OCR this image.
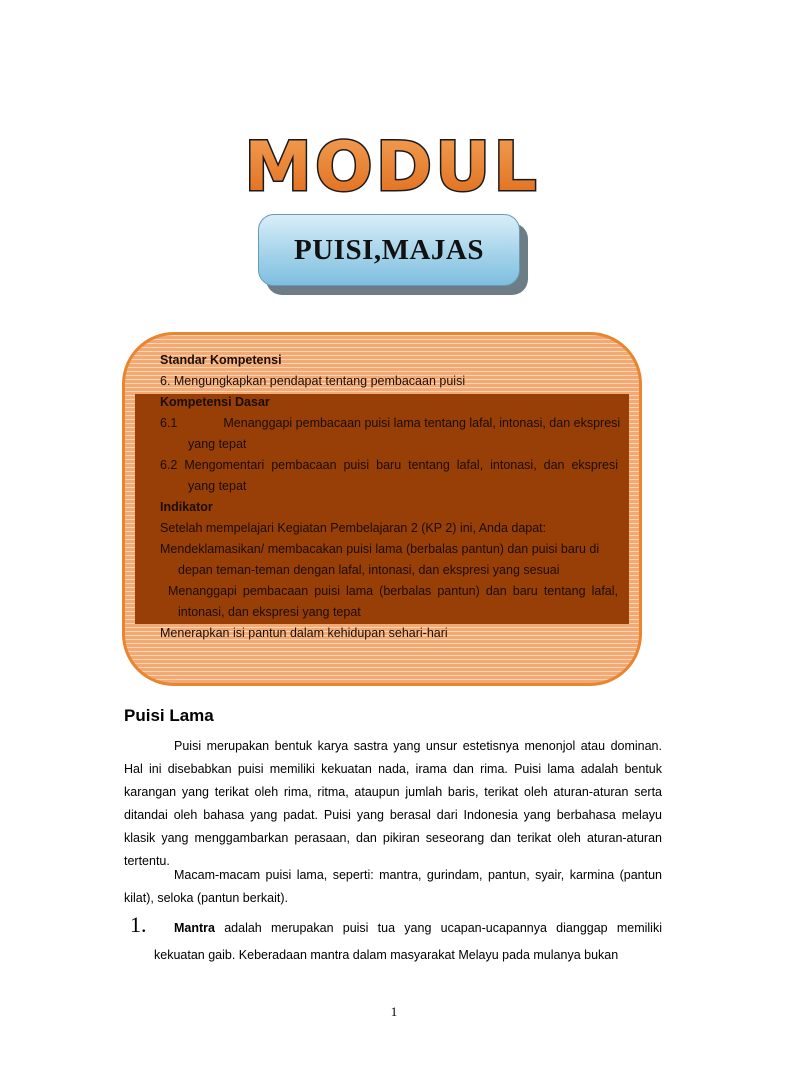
MODUL
PUISI,MAJAS
Standar Kompetensi
6. Mengungkapkan pendapat tentang pembacaan puisi
Kompetensi Dasar
6.1	Menanggapi pembacaan puisi lama tentang lafal, intonasi, dan ekspresi
yang tepat
6.2 Mengomentari pembacaan puisi baru tentang lafal, intonasi, dan ekspresi
yang tepat
Indikator
Setelah mempelajari Kegiatan Pembelajaran 2 (KP 2) ini, Anda dapat:
Mendeklamasikan/ membacakan puisi lama (berbalas pantun) dan puisi baru di
depan teman-teman dengan lafal, intonasi, dan ekspresi yang sesuai
Menanggapi pembacaan puisi lama (berbalas pantun) dan baru tentang lafal,
intonasi, dan ekspresi yang tepat
Menerapkan isi pantun dalam kehidupan sehari-hari
Puisi Lama
Puisi merupakan bentuk karya sastra yang unsur estetisnya menonjol atau dominan. Hal ini disebabkan puisi memiliki kekuatan nada, irama dan rima. Puisi lama adalah bentuk karangan yang terikat oleh rima, ritma, ataupun jumlah baris, terikat oleh aturan-aturan serta ditandai oleh bahasa yang padat. Puisi yang berasal dari Indonesia yang berbahasa melayu klasik yang menggambarkan perasaan, dan pikiran seseorang dan terikat oleh aturan-aturan tertentu.
Macam-macam puisi lama, seperti: mantra, gurindam, pantun, syair, karmina (pantun kilat), seloka (pantun berkait).
1.	Mantra adalah merupakan puisi tua yang ucapan-ucapannya dianggap memiliki kekuatan gaib. Keberadaan mantra dalam masyarakat Melayu pada mulanya bukan
1
